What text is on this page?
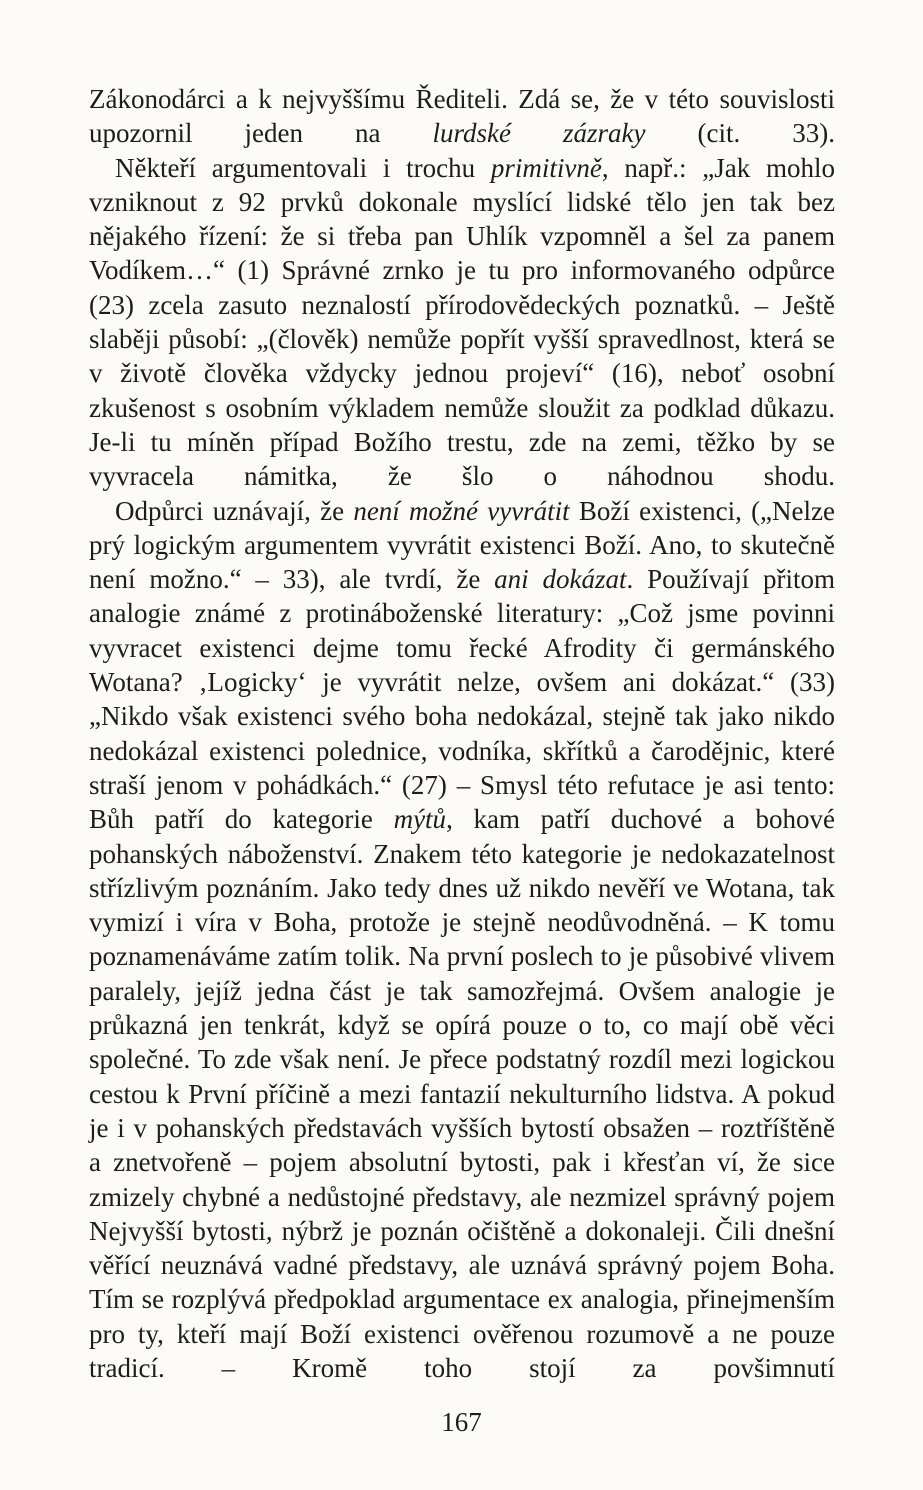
Zákonodárci a k nejvyššímu Řediteli. Zdá se, že v této souvislosti upozornil jeden na lurdské zázraky (cit. 33).

Někteří argumentovali i trochu primitivně, např.: „Jak mohlo vzniknout z 92 prvků dokonale myslící lidské tělo jen tak bez nějakého řízení: že si třeba pan Uhlík vzpomněl a šel za panem Vodíkem…“ (1) Správné zrnko je tu pro informovaného odpůrce (23) zcela zasuto neznalostí přírodovědeckých poznatků. – Ještě slaběji působí: „(člověk) nemůže popřít vyšší spravedlnost, která se v životě člověka vždycky jednou projeví“ (16), neboť osobní zkušenost s osobním výkladem nemůže sloužit za podklad důkazu. Je-li tu míněn případ Božího trestu, zde na zemi, těžko by se vyvracela námitka, že šlo o náhodnou shodu.

Odpůrci uznávají, že není možné vyvrátit Boží existenci, („Nelze prý logickým argumentem vyvrátit existenci Boží. Ano, to skutečně není možno.“ – 33), ale tvrdí, že ani dokázat. Používají přitom analogie známé z protináboženské literatury: „Což jsme povinni vyvracet existenci dejme tomu řecké Afrodity či germánského Wotana? ‚Logicky‘ je vyvrátit nelze, ovšem ani dokázat.“ (33) „Nikdo však existenci svého boha nedokázal, stejně tak jako nikdo nedokázal existenci polednice, vodníka, skřítků a čarodějnic, které straší jenom v pohádkách.“ (27) – Smysl této refutace je asi tento: Bůh patří do kategorie mýtů, kam patří duchové a bohové pohanských náboženství. Znakem této kategorie je nedokazatelnost střízlivým poznáním. Jako tedy dnes už nikdo nevěří ve Wotana, tak vymizí i víra v Boha, protože je stejně neodůvodněná. – K tomu poznamenáváme zatím tolik. Na první poslech to je působivé vlivem paralely, jejíž jedna část je tak samozřejmá. Ovšem analogie je průkazná jen tenkrát, když se opírá pouze o to, co mají obě věci společné. To zde však není. Je přece podstatný rozdíl mezi logickou cestou k První příčině a mezi fantazií nekulturního lidstva. A pokud je i v pohanských představách vyšších bytostí obsažen – roztříštěně a znetvořeně – pojem absolutní bytosti, pak i křesťan ví, že sice zmizely chybné a nedůstojné představy, ale nezmizel správný pojem Nejvyšší bytosti, nýbrž je poznán očištěně a dokonaleji. Čili dnešní věřící neuznává vadné představy, ale uznává správný pojem Boha. Tím se rozplývá předpoklad argumentace ex analogia, přinejmenším pro ty, kteří mají Boží existenci ověřenou rozumově a ne pouze tradicí. – Kromě toho stojí za povšimnutí

167
